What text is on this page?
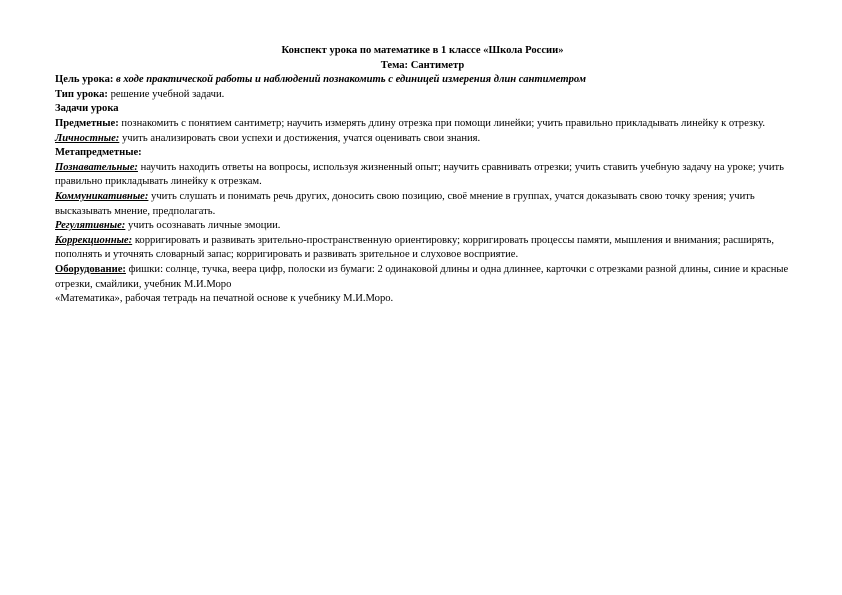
Конспект урока по математике в 1 классе «Школа России»
Тема: Сантиметр
Цель урока: в ходе практической работы и наблюдений познакомить с единицей измерения длин сантиметром
Тип урока: решение учебной задачи.
Задачи урока
Предметные: познакомить с понятием сантиметр; научить измерять длину отрезка при помощи линейки; учить правильно прикладывать линейку к отрезку.
Личностные: учить анализировать свои успехи и достижения, учатся оценивать свои знания.
Метапредметные:
Познавательные: научить находить ответы на вопросы, используя жизненный опыт; научить сравнивать отрезки; учить ставить учебную задачу на уроке; учить правильно прикладывать линейку к отрезкам.
Коммуникативные: учить слушать и понимать речь других, доносить свою позицию, своё мнение в группах, учатся доказывать свою точку зрения; учить высказывать мнение, предполагать.
Регулятивные: учить осознавать личные эмоции.
Коррекционные: корригировать и развивать зрительно-пространственную ориентировку; корригировать процессы памяти, мышления и внимания; расширять, пополнять и уточнять словарный запас; корригировать и развивать зрительное и слуховое восприятие.
Оборудование: фишки: солнце, тучка, веера цифр, полоски из бумаги: 2 одинаковой длины и одна длиннее, карточки с отрезками разной длины, синие и красные отрезки, смайлики, учебник М.И.Моро
«Математика», рабочая тетрадь на печатной основе к учебнику М.И.Моро.
